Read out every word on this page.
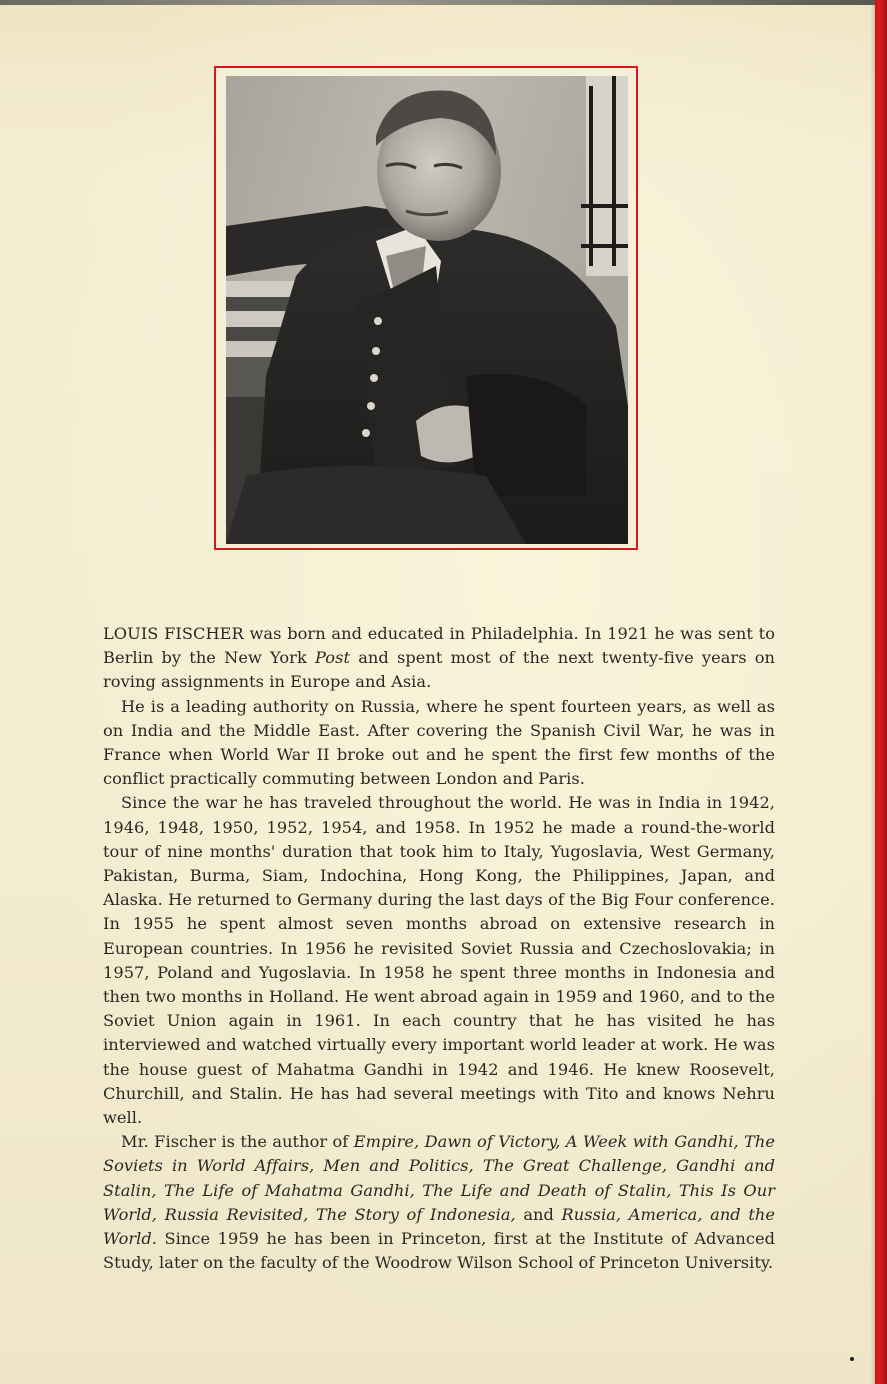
LOUIS FISCHER was born and educated in Philadelphia. In 1921 he was sent to Berlin by the New York Post and spent most of the next twenty-five years on roving assignments in Europe and Asia.

He is a leading authority on Russia, where he spent fourteen years, as well as on India and the Middle East. After covering the Spanish Civil War, he was in France when World War II broke out and he spent the first few months of the conflict practically commuting between London and Paris.

Since the war he has traveled throughout the world. He was in India in 1942, 1946, 1948, 1950, 1952, 1954, and 1958. In 1952 he made a round-the-world tour of nine months' duration that took him to Italy, Yugoslavia, West Germany, Pakistan, Burma, Siam, Indochina, Hong Kong, the Philippines, Japan, and Alaska. He returned to Germany during the last days of the Big Four conference. In 1955 he spent almost seven months abroad on extensive research in European countries. In 1956 he revisited Soviet Russia and Czechoslovakia; in 1957, Poland and Yugoslavia. In 1958 he spent three months in Indonesia and then two months in Holland. He went abroad again in 1959 and 1960, and to the Soviet Union again in 1961. In each country that he has visited he has interviewed and watched virtually every important world leader at work. He was the house guest of Mahatma Gandhi in 1942 and 1946. He knew Roosevelt, Churchill, and Stalin. He has had several meetings with Tito and knows Nehru well.

Mr. Fischer is the author of Empire, Dawn of Victory, A Week with Gandhi, The Soviets in World Affairs, Men and Politics, The Great Challenge, Gandhi and Stalin, The Life of Mahatma Gandhi, The Life and Death of Stalin, This Is Our World, Russia Revisited, The Story of Indonesia, and Russia, America, and the World. Since 1959 he has been in Princeton, first at the Institute of Advanced Study, later on the faculty of the Woodrow Wilson School of Princeton University.
